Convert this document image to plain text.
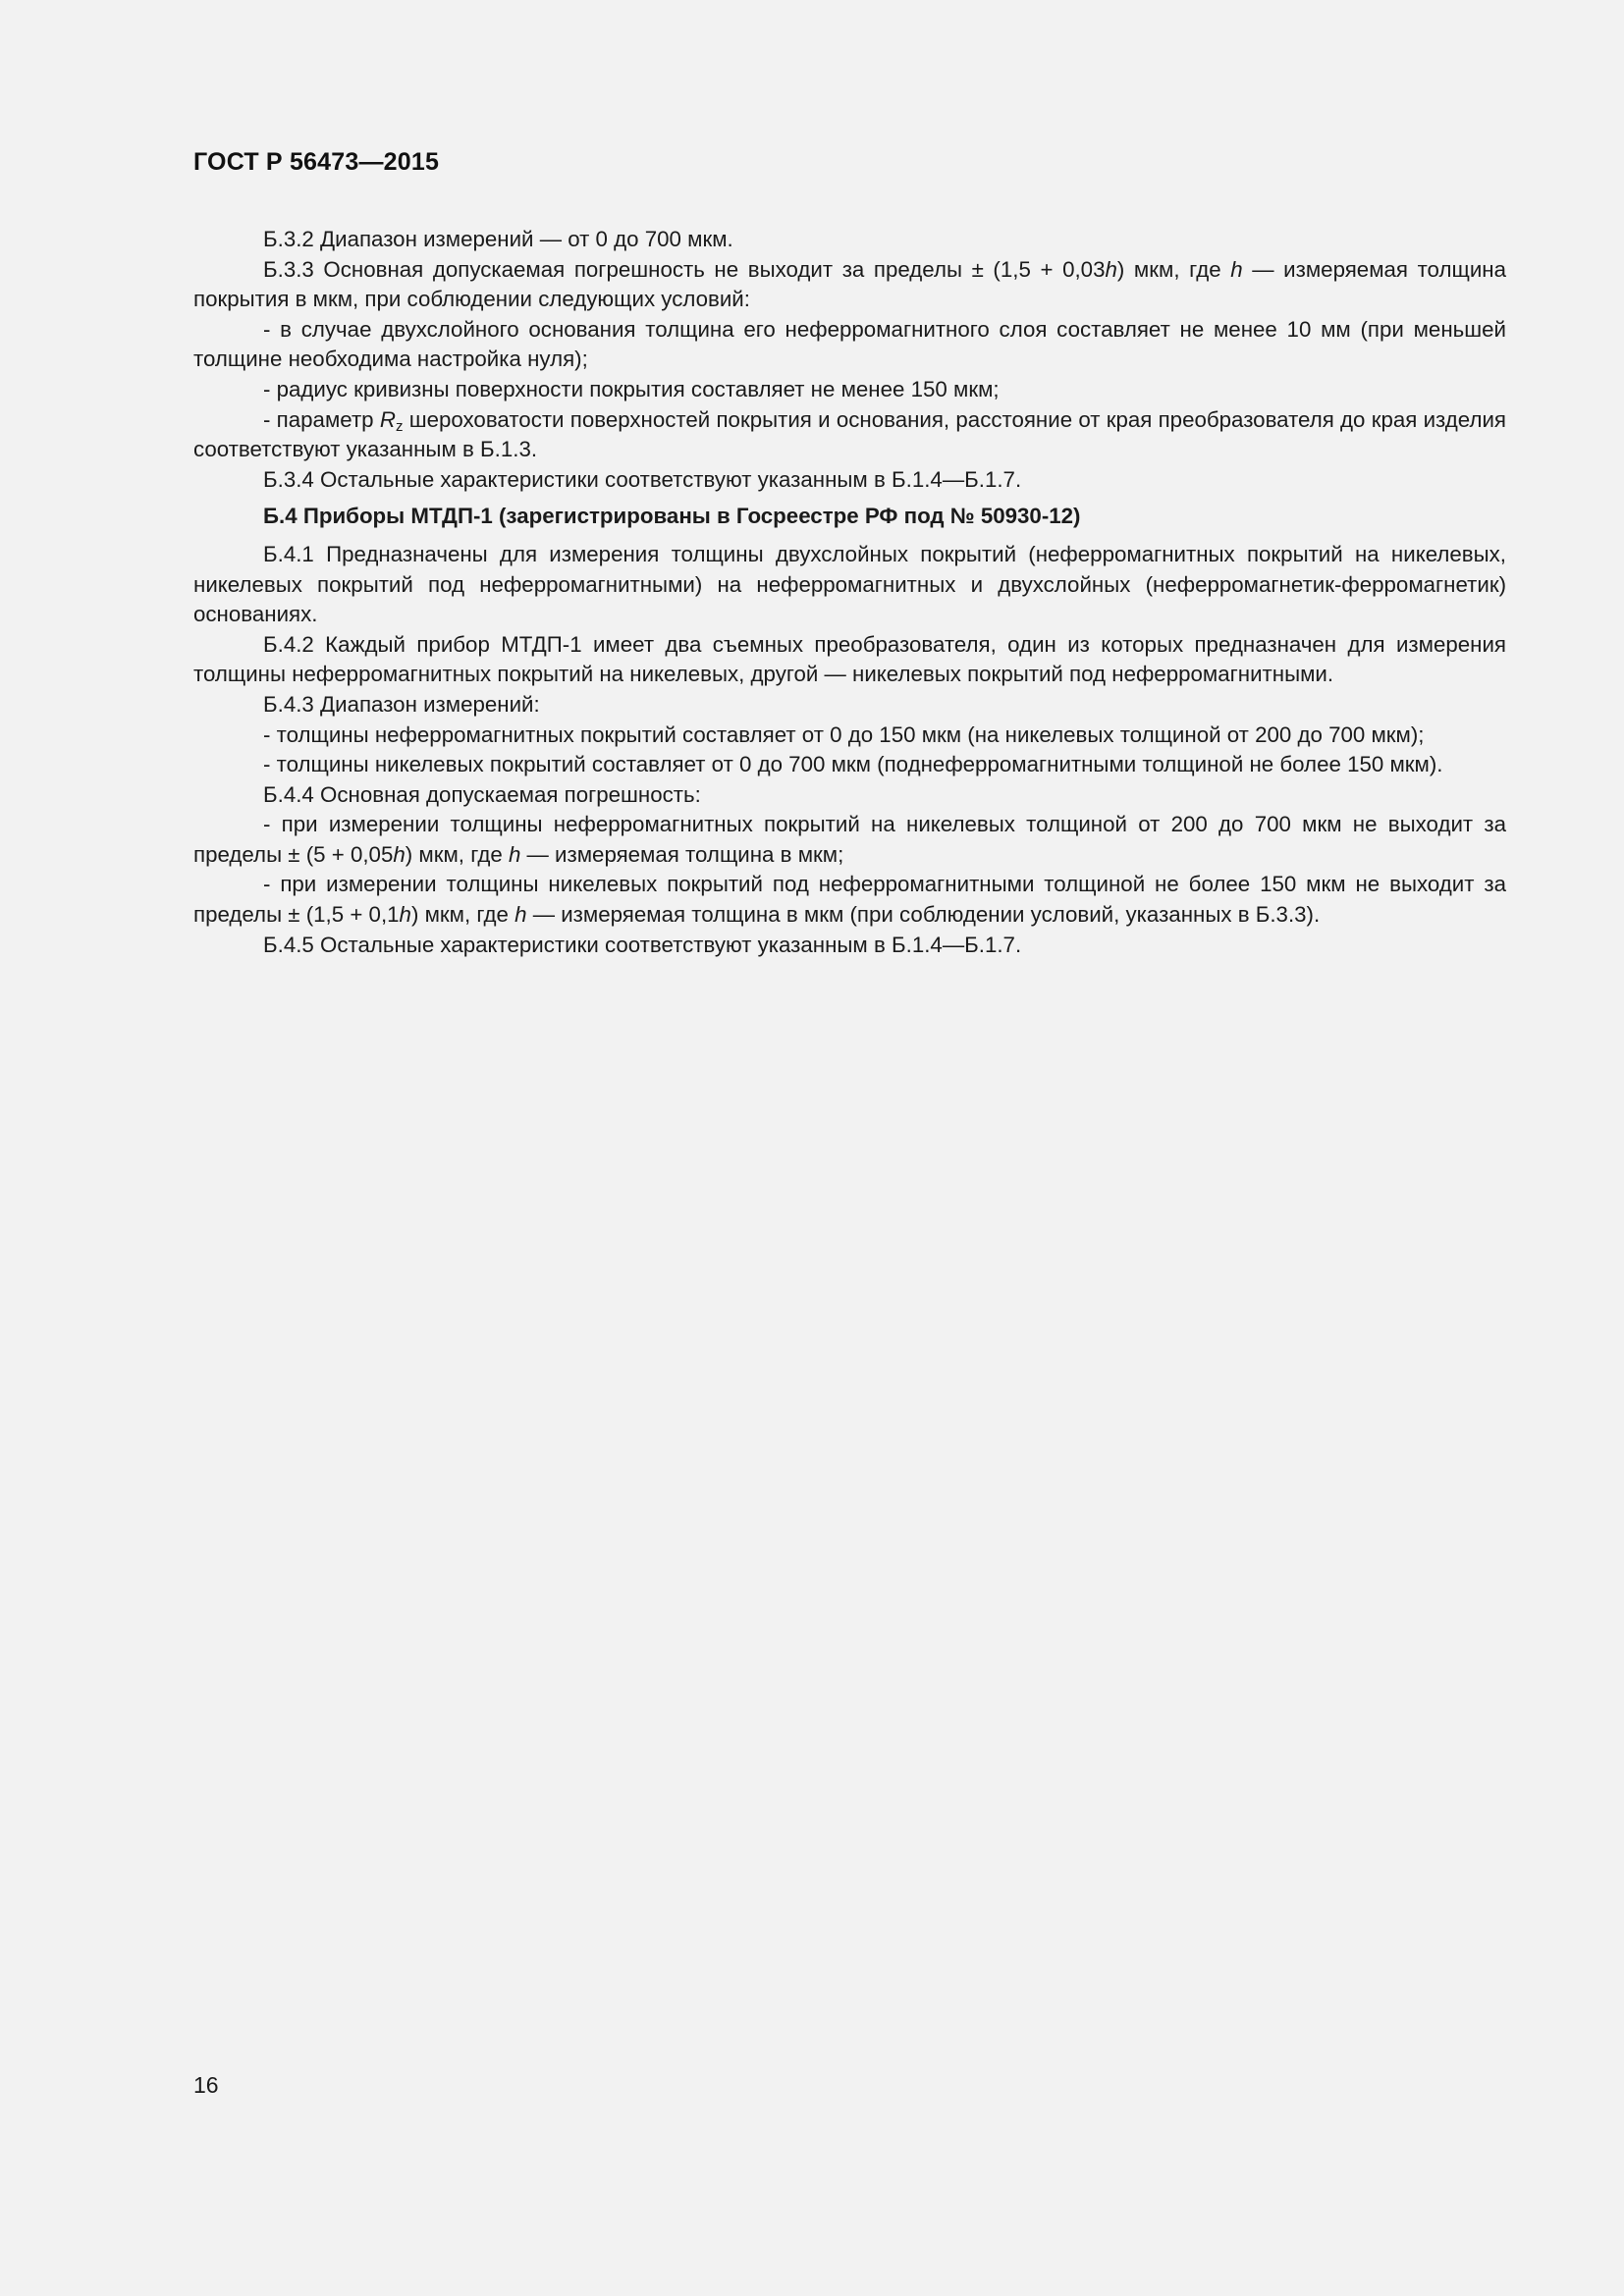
ГОСТ Р 56473—2015

Б.3.2 Диапазон измерений — от 0 до 700 мкм.

Б.3.3 Основная допускаемая погрешность не выходит за пределы ± (1,5 + 0,03h) мкм, где h — измеряемая толщина покрытия в мкм, при соблюдении следующих условий:

- в случае двухслойного основания толщина его неферромагнитного слоя составляет не менее 10 мм (при меньшей толщине необходима настройка нуля);

- радиус кривизны поверхности покрытия составляет не менее 150 мкм;

- параметр $R_z$ шероховатости поверхностей покрытия и основания, расстояние от края преобразователя до края изделия соответствуют указанным в Б.1.3.

Б.3.4 Остальные характеристики соответствуют указанным в Б.1.4—Б.1.7.

Б.4 Приборы МТДП-1 (зарегистрированы в Госреестре РФ под № 50930-12)

Б.4.1 Предназначены для измерения толщины двухслойных покрытий (неферромагнитных покрытий на никелевых, никелевых покрытий под неферромагнитными) на неферромагнитных и двухслойных (неферромагнетик-ферромагнетик) основаниях.

Б.4.2 Каждый прибор МТДП-1 имеет два съемных преобразователя, один из которых предназначен для измерения толщины неферромагнитных покрытий на никелевых, другой — никелевых покрытий под неферромагнитными.

Б.4.3 Диапазон измерений:

- толщины неферромагнитных покрытий составляет от 0 до 150 мкм (на никелевых толщиной от 200 до 700 мкм);

- толщины никелевых покрытий составляет от 0 до 700 мкм (поднеферромагнитными толщиной не более 150 мкм).

Б.4.4 Основная допускаемая погрешность:

- при измерении толщины неферромагнитных покрытий на никелевых толщиной от 200 до 700 мкм не выходит за пределы ± (5 + 0,05h) мкм, где h — измеряемая толщина в мкм;

- при измерении толщины никелевых покрытий под неферромагнитными толщиной не более 150 мкм не выходит за пределы ± (1,5 + 0,1h) мкм, где h — измеряемая толщина в мкм (при соблюдении условий, указанных в Б.3.3).

Б.4.5 Остальные характеристики соответствуют указанным в Б.1.4—Б.1.7.

16
